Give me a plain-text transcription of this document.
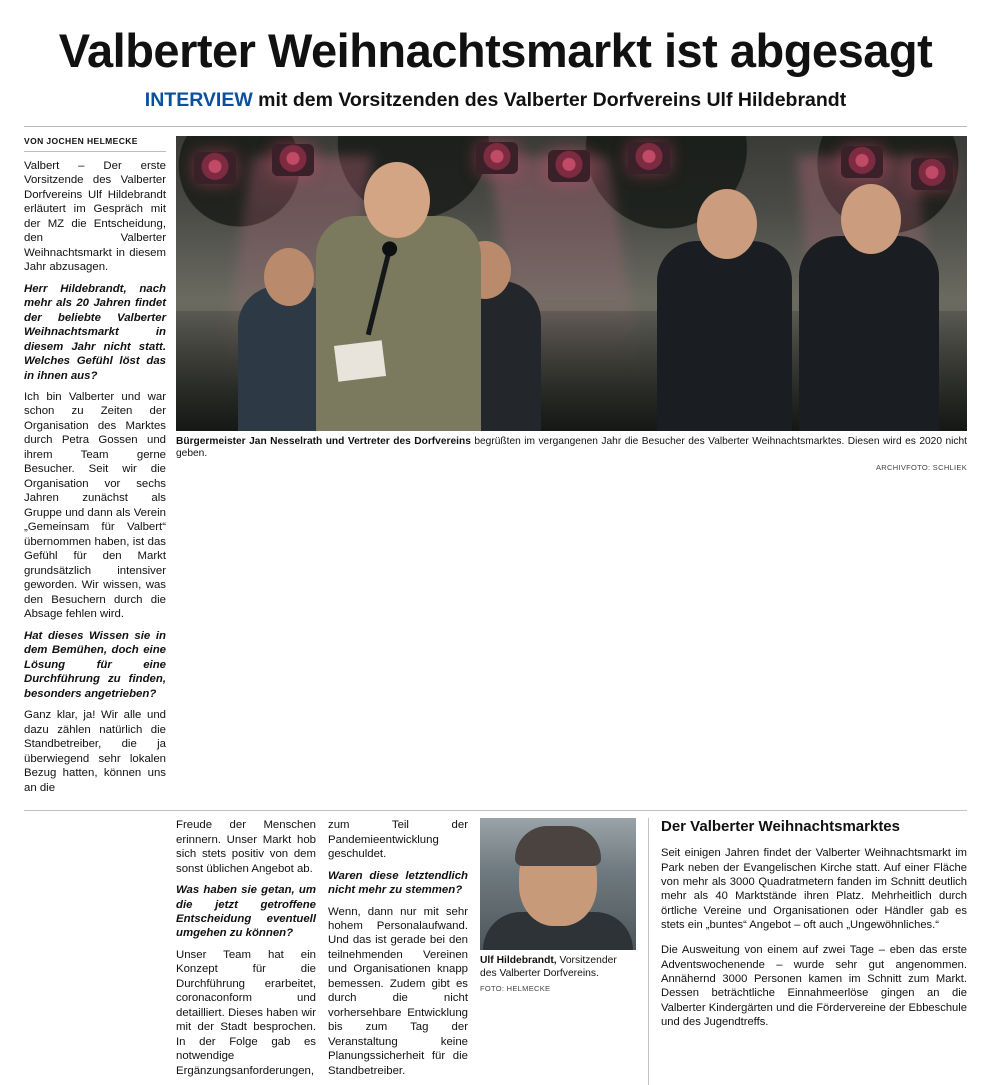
Valberter Weihnachtsmarkt ist abgesagt
INTERVIEW mit dem Vorsitzenden des Valberter Dorfvereins Ulf Hildebrandt
VON JOCHEN HELMECKE

Valbert – Der erste Vorsitzende des Valberter Dorfvereins Ulf Hildebrandt erläutert im Gespräch mit der MZ die Entscheidung, den Valberter Weihnachtsmarkt in diesem Jahr abzusagen.

Herr Hildebrandt, nach mehr als 20 Jahren findet der beliebte Valberter Weihnachtsmarkt in diesem Jahr nicht statt. Welches Gefühl löst das in ihnen aus?

Ich bin Valberter und war schon zu Zeiten der Organisation des Marktes durch Petra Gossen und ihrem Team gerne Besucher. Seit wir die Organisation vor sechs Jahren zunächst als Gruppe und dann als Verein „Gemeinsam für Valbert“ übernommen haben, ist das Gefühl für den Markt grundsätzlich intensiver geworden. Wir wissen, was den Besuchern durch die Absage fehlen wird.

Hat dieses Wissen sie in dem Bemühen, doch eine Lösung für eine Durchführung zu finden, besonders angetrieben?

Ganz klar, ja! Wir alle und dazu zählen natürlich die Standbetreiber, die ja überwiegend sehr lokalen Bezug hatten, können uns an die

Bürgermeister Jan Nesselrath und Vertreter des Dorfvereins begrüßten im vergangenen Jahr die Besucher des Valberter Weihnachtsmarktes. Diesen wird es 2020 nicht geben.
ARCHIVFOTO: SCHLIEK

Freude der Menschen erinnern. Unser Markt hob sich stets positiv von dem sonst üblichen Angebot ab.

Was haben sie getan, um die jetzt getroffene Entscheidung eventuell umgehen zu können?

Unser Team hat ein Konzept für die Durchführung erarbeitet, coronaconform und detailliert. Dieses haben wir mit der Stadt besprochen. In der Folge gab es notwendige Ergänzungsanforderungen,

zum Teil der Pandemieentwicklung geschuldet.

Waren diese letztendlich nicht mehr zu stemmen?

Wenn, dann nur mit sehr hohem Personalaufwand. Und das ist gerade bei den teilnehmenden Vereinen und Organisationen knapp bemessen. Zudem gibt es durch die nicht vorhersehbare Entwicklung bis zum Tag der Veranstaltung keine Planungssicherheit für die Standbetreiber.

Ulf Hildebrandt, Vorsitzender des Valberter Dorfvereins.
FOTO: HELMECKE
Der Valberter Weihnachtsmarktes

Seit einigen Jahren findet der Valberter Weihnachtsmarkt im Park neben der Evangelischen Kirche statt. Auf einer Fläche von mehr als 3000 Quadratmetern fanden im Schnitt deutlich mehr als 40 Marktstände ihren Platz. Mehrheitlich durch örtliche Vereine und Organisationen oder Händler gab es stets ein „buntes“ Angebot – oft auch „Ungewöhnliches.“

Die Ausweitung von einem auf zwei Tage – eben das erste Adventswochenende – wurde sehr gut angenommen. Annähernd 3000 Personen kamen im Schnitt zum Markt. Dessen beträchtliche Einnahmeerlöse gingen an die Valberter Kindergärten und die Fördervereine der Ebbeschule und des Jugendtreffs.
